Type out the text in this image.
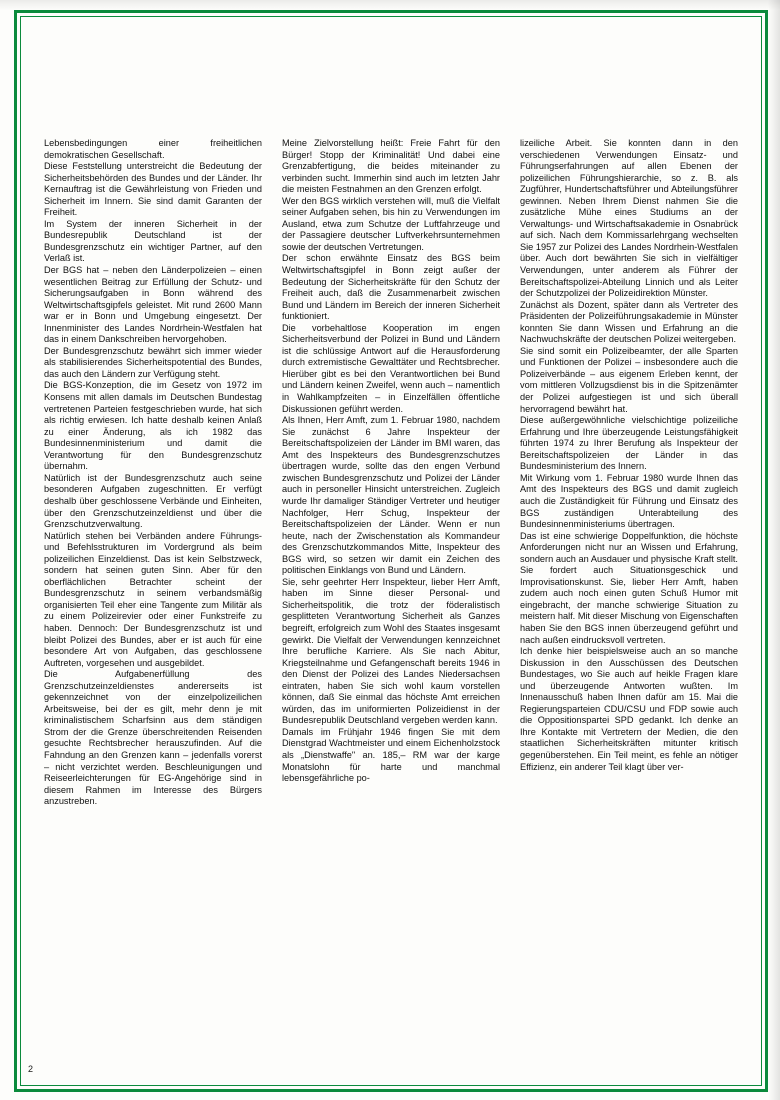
2

Lebensbedingungen einer freiheitlichen demokratischen Gesellschaft.

Diese Feststellung unterstreicht die Bedeutung der Sicherheitsbehörden des Bundes und der Länder. Ihr Kernauftrag ist die Gewährleistung von Frieden und Sicherheit im Innern. Sie sind damit Garanten der Freiheit.

Im System der inneren Sicherheit in der Bundesrepublik Deutschland ist der Bundesgrenzschutz ein wichtiger Partner, auf den Verlaß ist.

Der BGS hat – neben den Länderpolizeien – einen wesentlichen Beitrag zur Erfüllung der Schutz- und Sicherungsaufgaben in Bonn während des Weltwirtschaftsgipfels geleistet. Mit rund 2600 Mann war er in Bonn und Umgebung eingesetzt. Der Innenminister des Landes Nordrhein-Westfalen hat das in einem Dankschreiben hervorgehoben.

Der Bundesgrenzschutz bewährt sich immer wieder als stabilisierendes Sicherheitspotential des Bundes, das auch den Ländern zur Verfügung steht.

Die BGS-Konzeption, die im Gesetz von 1972 im Konsens mit allen damals im Deutschen Bundestag vertretenen Parteien festgeschrieben wurde, hat sich als richtig erwiesen. Ich hatte deshalb keinen Anlaß zu einer Änderung, als ich 1982 das Bundesinnenministerium und damit die Verantwortung für den Bundesgrenzschutz übernahm.

Natürlich ist der Bundesgrenzschutz auch seine besonderen Aufgaben zugeschnitten. Er verfügt deshalb über geschlossene Verbände und Einheiten, über den Grenzschutzeinzeldienst und über die Grenzschutzverwaltung.

Natürlich stehen bei Verbänden andere Führungs- und Befehlsstrukturen im Vordergrund als beim polizeilichen Einzeldienst. Das ist kein Selbstzweck, sondern hat seinen guten Sinn. Aber für den oberflächlichen Betrachter scheint der Bundesgrenzschutz in seinem verbandsmäßig organisierten Teil eher eine Tangente zum Militär als zu einem Polizeirevier oder einer Funkstreife zu haben. Dennoch: Der Bundesgrenzschutz ist und bleibt Polizei des Bundes, aber er ist auch für eine besondere Art von Aufgaben, das geschlossene Auftreten, vorgesehen und ausgebildet.

Die Aufgabenerfüllung des Grenzschutzeinzeldienstes andererseits ist gekennzeichnet von der einzelpolizeilichen Arbeitsweise, bei der es gilt, mehr denn je mit kriminalistischem Scharfsinn aus dem ständigen Strom der die Grenze überschreitenden Reisenden gesuchte Rechtsbrecher herauszufinden. Auf die Fahndung an den Grenzen kann – jedenfalls vorerst – nicht verzichtet werden. Beschleunigungen und Reiseerleichterungen für EG-Angehörige sind in diesem Rahmen im Interesse des Bürgers anzustreben.

Meine Zielvorstellung heißt: Freie Fahrt für den Bürger! Stopp der Kriminalität! Und dabei eine Grenzabfertigung, die beides miteinander zu verbinden sucht. Immerhin sind auch im letzten Jahr die meisten Festnahmen an den Grenzen erfolgt.

Wer den BGS wirklich verstehen will, muß die Vielfalt seiner Aufgaben sehen, bis hin zu Verwendungen im Ausland, etwa zum Schutze der Luftfahrzeuge und der Passagiere deutscher Luftverkehrsunternehmen sowie der deutschen Vertretungen.

Der schon erwähnte Einsatz des BGS beim Weltwirtschaftsgipfel in Bonn zeigt außer der Bedeutung der Sicherheitskräfte für den Schutz der Freiheit auch, daß die Zusammenarbeit zwischen Bund und Ländern im Bereich der inneren Sicherheit funktioniert.

Die vorbehaltlose Kooperation im engen Sicherheitsverbund der Polizei in Bund und Ländern ist die schlüssige Antwort auf die Herausforderung durch extremistische Gewalttäter und Rechtsbrecher. Hierüber gibt es bei den Verantwortlichen bei Bund und Ländern keinen Zweifel, wenn auch – namentlich in Wahlkampfzeiten – in Einzelfällen öffentliche Diskussionen geführt werden.

Als Ihnen, Herr Amft, zum 1. Februar 1980, nachdem Sie zunächst 6 Jahre Inspekteur der Bereitschaftspolizeien der Länder im BMI waren, das Amt des Inspekteurs des Bundesgrenzschutzes übertragen wurde, sollte das den engen Verbund zwischen Bundesgrenzschutz und Polizei der Länder auch in personeller Hinsicht unterstreichen. Zugleich wurde Ihr damaliger Ständiger Vertreter und heutiger Nachfolger, Herr Schug, Inspekteur der Bereitschaftspolizeien der Länder. Wenn er nun heute, nach der Zwischenstation als Kommandeur des Grenzschutzkommandos Mitte, Inspekteur des BGS wird, so setzen wir damit ein Zeichen des politischen Einklangs von Bund und Ländern.

Sie, sehr geehrter Herr Inspekteur, lieber Herr Amft, haben im Sinne dieser Personal- und Sicherheitspolitik, die trotz der föderalistisch gesplitteten Verantwortung Sicherheit als Ganzes begreift, erfolgreich zum Wohl des Staates insgesamt gewirkt. Die Vielfalt der Verwendungen kennzeichnet Ihre berufliche Karriere. Als Sie nach Abitur, Kriegsteilnahme und Gefangenschaft bereits 1946 in den Dienst der Polizei des Landes Niedersachsen eintraten, haben Sie sich wohl kaum vorstellen können, daß Sie einmal das höchste Amt erreichen würden, das im uniformierten Polizeidienst in der Bundesrepublik Deutschland vergeben werden kann.

Damals im Frühjahr 1946 fingen Sie mit dem Dienstgrad Wachtmeister und einem Eichenholzstock als „Dienstwaffe" an. 185,– RM war der karge Monatslohn für harte und manchmal lebensgefährliche po-

lizeiliche Arbeit. Sie konnten dann in den verschiedenen Verwendungen Einsatz- und Führungserfahrungen auf allen Ebenen der polizeilichen Führungshierarchie, so z. B. als Zugführer, Hundertschaftsführer und Abteilungsführer gewinnen. Neben Ihrem Dienst nahmen Sie die zusätzliche Mühe eines Studiums an der Verwaltungs- und Wirtschaftsakademie in Osnabrück auf sich. Nach dem Kommissarlehrgang wechselten Sie 1957 zur Polizei des Landes Nordrhein-Westfalen über. Auch dort bewährten Sie sich in vielfältiger Verwendungen, unter anderem als Führer der Bereitschaftspolizei-Abteilung Linnich und als Leiter der Schutzpolizei der Polizeidirektion Münster.

Zunächst als Dozent, später dann als Vertreter des Präsidenten der Polizeiführungsakademie in Münster konnten Sie dann Wissen und Erfahrung an die Nachwuchskräfte der deutschen Polizei weitergeben.

Sie sind somit ein Polizeibeamter, der alle Sparten und Funktionen der Polizei – insbesondere auch die Polizeiverbände – aus eigenem Erleben kennt, der vom mittleren Vollzugsdienst bis in die Spitzenämter der Polizei aufgestiegen ist und sich überall hervorragend bewährt hat.

Diese außergewöhnliche vielschichtige polizeiliche Erfahrung und Ihre überzeugende Leistungsfähigkeit führten 1974 zu Ihrer Berufung als Inspekteur der Bereitschaftspolizeien der Länder in das Bundesministerium des Innern.

Mit Wirkung vom 1. Februar 1980 wurde Ihnen das Amt des Inspekteurs des BGS und damit zugleich auch die Zuständigkeit für Führung und Einsatz des BGS zuständigen Unterabteilung des Bundesinnenministeriums übertragen.

Das ist eine schwierige Doppelfunktion, die höchste Anforderungen nicht nur an Wissen und Erfahrung, sondern auch an Ausdauer und physische Kraft stellt. Sie fordert auch Situationsgeschick und Improvisationskunst. Sie, lieber Herr Amft, haben zudem auch noch einen guten Schuß Humor mit eingebracht, der manche schwierige Situation zu meistern half. Mit dieser Mischung von Eigenschaften haben Sie den BGS innen überzeugend geführt und nach außen eindrucksvoll vertreten.

Ich denke hier beispielsweise auch an so manche Diskussion in den Ausschüssen des Deutschen Bundestages, wo Sie auch auf heikle Fragen klare und überzeugende Antworten wußten. Im Innenausschuß haben Ihnen dafür am 15. Mai die Regierungsparteien CDU/CSU und FDP sowie auch die Oppositionspartei SPD gedankt. Ich denke an Ihre Kontakte mit Vertretern der Medien, die den staatlichen Sicherheitskräften mitunter kritisch gegenüberstehen. Ein Teil meint, es fehle an nötiger Effizienz, ein anderer Teil klagt über ver-
